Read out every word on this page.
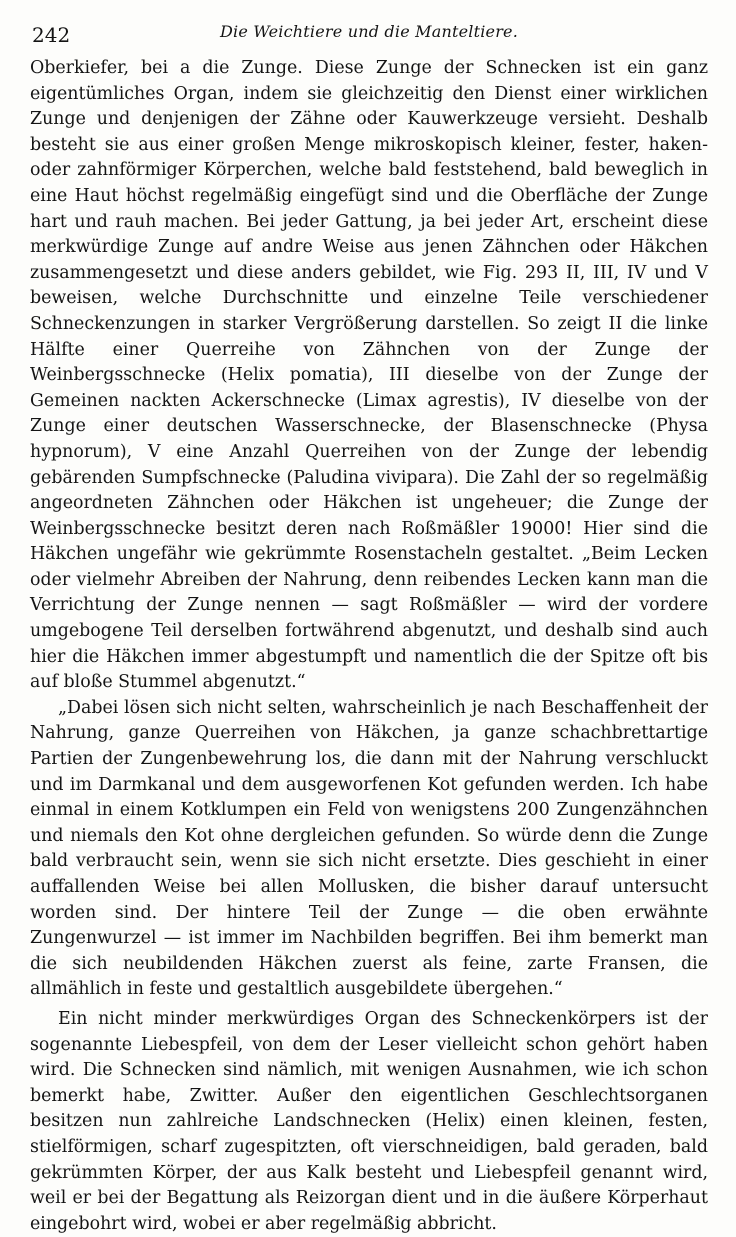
242	Die Weichtiere und die Manteltiere.

Oberkiefer, bei a die Zunge. Diese Zunge der Schnecken ist ein ganz eigentümliches Organ, indem sie gleichzeitig den Dienst einer wirklichen Zunge und denjenigen der Zähne oder Kauwerkzeuge versieht. Deshalb besteht sie aus einer großen Menge mikroskopisch kleiner, fester, haken- oder zahnförmiger Körperchen, welche bald feststehend, bald beweglich in eine Haut höchst regelmäßig eingefügt sind und die Oberfläche der Zunge hart und rauh machen. Bei jeder Gattung, ja bei jeder Art, erscheint diese merkwürdige Zunge auf andre Weise aus jenen Zähnchen oder Häkchen zusammengesetzt und diese anders gebildet, wie Fig. 293 II, III, IV und V beweisen, welche Durchschnitte und einzelne Teile verschiedener Schneckenzungen in starker Vergrößerung darstellen. So zeigt II die linke Hälfte einer Querreihe von Zähnchen von der Zunge der Weinbergsschnecke (Helix pomatia), III dieselbe von der Zunge der Gemeinen nackten Ackerschnecke (Limax agrestis), IV dieselbe von der Zunge einer deutschen Wasserschnecke, der Blasenschnecke (Physa hypnorum), V eine Anzahl Querreihen von der Zunge der lebendig gebärenden Sumpfschnecke (Paludina vivipara). Die Zahl der so regelmäßig angeordneten Zähnchen oder Häkchen ist ungeheuer; die Zunge der Weinbergsschnecke besitzt deren nach Roßmäßler 19000! Hier sind die Häkchen ungefähr wie gekrümmte Rosenstacheln gestaltet. „Beim Lecken oder vielmehr Abreiben der Nahrung, denn reibendes Lecken kann man die Verrichtung der Zunge nennen — sagt Roßmäßler — wird der vordere umgebogene Teil derselben fortwährend abgenutzt, und deshalb sind auch hier die Häkchen immer abgestumpft und namentlich die der Spitze oft bis auf bloße Stummel abgenutzt.“

„Dabei lösen sich nicht selten, wahrscheinlich je nach Beschaffenheit der Nahrung, ganze Querreihen von Häkchen, ja ganze schachbrettartige Partien der Zungenbewehrung los, die dann mit der Nahrung verschluckt und im Darmkanal und dem ausgeworfenen Kot gefunden werden. Ich habe einmal in einem Kotklumpen ein Feld von wenigstens 200 Zungenzähnchen und niemals den Kot ohne dergleichen gefunden. So würde denn die Zunge bald verbraucht sein, wenn sie sich nicht ersetzte. Dies geschieht in einer auffallenden Weise bei allen Mollusken, die bisher darauf untersucht worden sind. Der hintere Teil der Zunge — die oben erwähnte Zungenwurzel — ist immer im Nachbilden begriffen. Bei ihm bemerkt man die sich neubildenden Häkchen zuerst als feine, zarte Fransen, die allmählich in feste und gestaltlich ausgebildete übergehen.“

Ein nicht minder merkwürdiges Organ des Schneckenkörpers ist der sogenannte Liebespfeil, von dem der Leser vielleicht schon gehört haben wird. Die Schnecken sind nämlich, mit wenigen Ausnahmen, wie ich schon bemerkt habe, Zwitter. Außer den eigentlichen Geschlechtsorganen besitzen nun zahlreiche Landschnecken (Helix) einen kleinen, festen, stielförmigen, scharf zugespitzten, oft vierschneidigen, bald geraden, bald gekrümmten Körper, der aus Kalk besteht und Liebespfeil genannt wird, weil er bei der Begattung als Reizorgan dient und in die äußere Körperhaut eingebohrt wird, wobei er aber regelmäßig abbricht.
